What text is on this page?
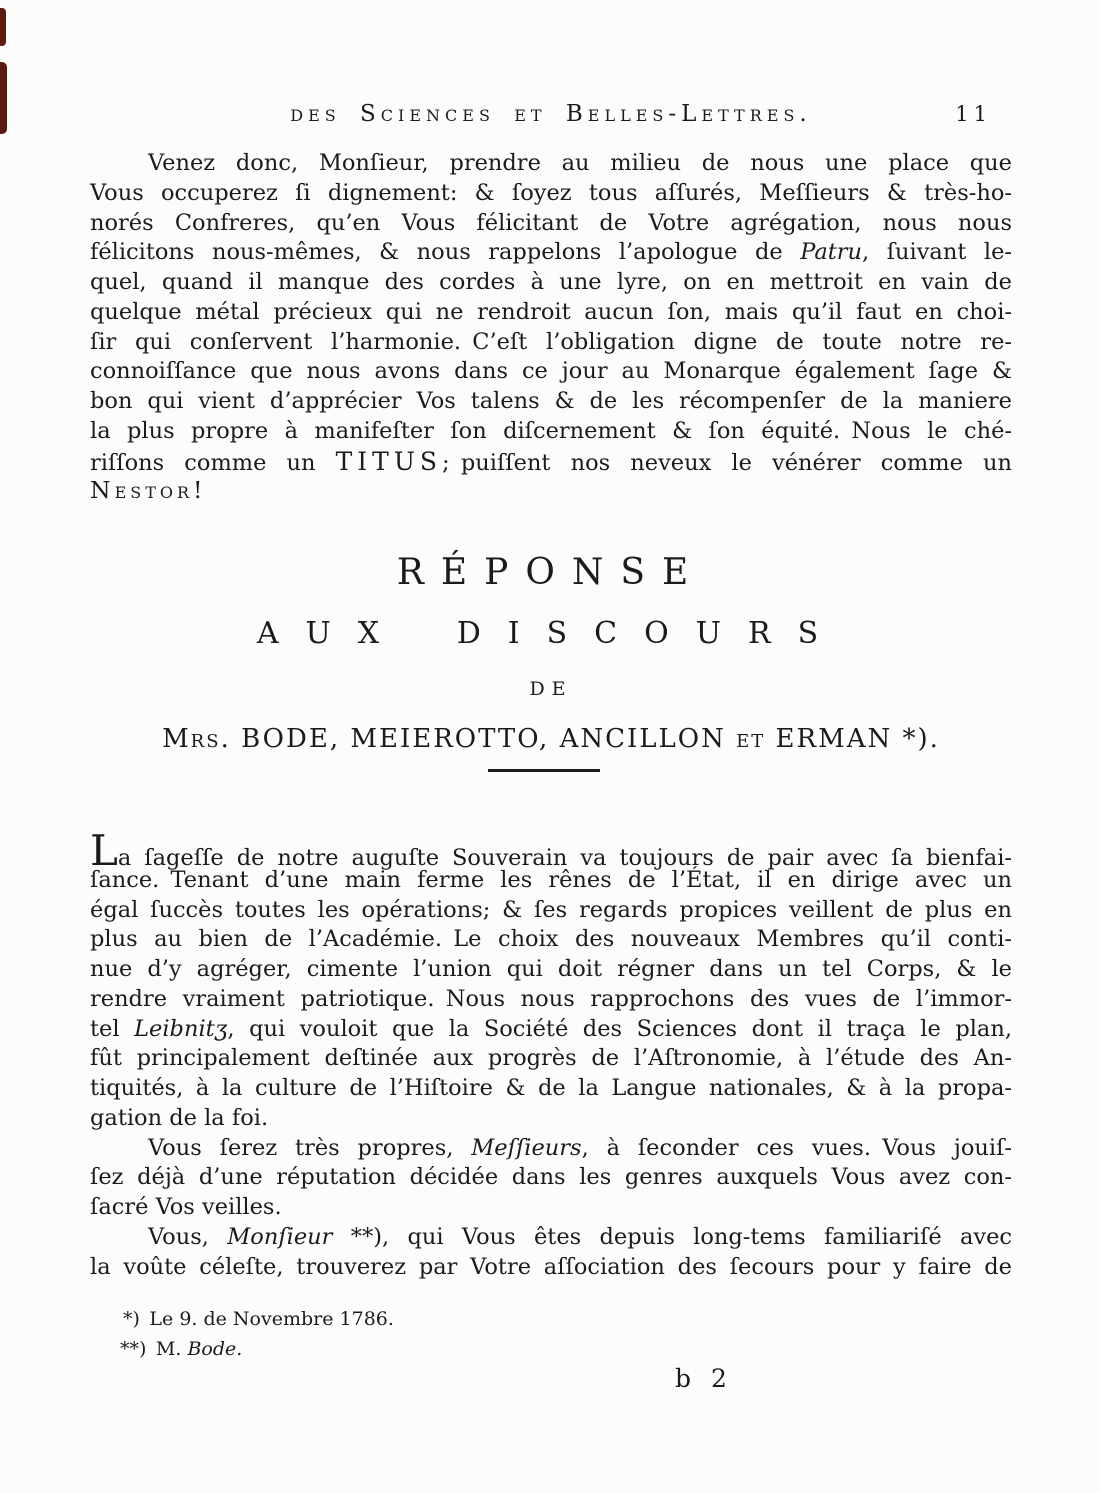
des Sciences et Belles-Lettres.	11
Venez donc, Monſieur, prendre au milieu de nous une place que
Vous occuperez ſi dignement: & ſoyez tous aſſurés, Meſſieurs & très-ho-
norés Confreres, qu’en Vous félicitant de Votre agrégation, nous nous
félicitons nous-mêmes, & nous rappelons l’apologue de Patru, ſuivant le-
quel, quand il manque des cordes à une lyre, on en mettroit en vain de
quelque métal précieux qui ne rendroit aucun ſon, mais qu’il faut en choi-
ſir qui conſervent l’harmonie. C’eſt l’obligation digne de toute notre re-
connoiſſance que nous avons dans ce jour au Monarque également ſage &
bon qui vient d’apprécier Vos talens & de les récompenſer de la maniere
la plus propre à manifeſter ſon diſcernement & ſon équité. Nous le ché-
riſſons comme un TITUS; puiſſent nos neveux le vénérer comme un
Nestor!
RÉPONSE
AUX DISCOURS
DE
Mrs. BODE, MEIEROTTO, ANCILLON et ERMAN *).
La ſageſſe de notre auguſte Souverain va toujours de pair avec ſa bienfai-
ſance. Tenant d’une main ferme les rênes de l’État, il en dirige avec un
égal ſuccès toutes les opérations; & ſes regards propices veillent de plus en
plus au bien de l’Académie. Le choix des nouveaux Membres qu’il conti-
nue d’y agréger, cimente l’union qui doit régner dans un tel Corps, & le
rendre vraiment patriotique. Nous nous rapprochons des vues de l’immor-
tel Leibnitʒ, qui vouloit que la Société des Sciences dont il traça le plan,
fût principalement deſtinée aux progrès de l’Aſtronomie, à l’étude des An-
tiquités, à la culture de l’Hiſtoire & de la Langue nationales, & à la propa-
gation de la foi.
Vous ſerez très propres, Meſſieurs, à ſeconder ces vues. Vous jouiſ-
ſez déjà d’une réputation décidée dans les genres auxquels Vous avez con-
ſacré Vos veilles.
Vous, Monſieur **), qui Vous êtes depuis long-tems familiariſé avec
la voûte céleſte, trouverez par Votre aſſociation des ſecours pour y faire de
*) Le 9. de Novembre 1786.
**) M. Bode.
b 2
